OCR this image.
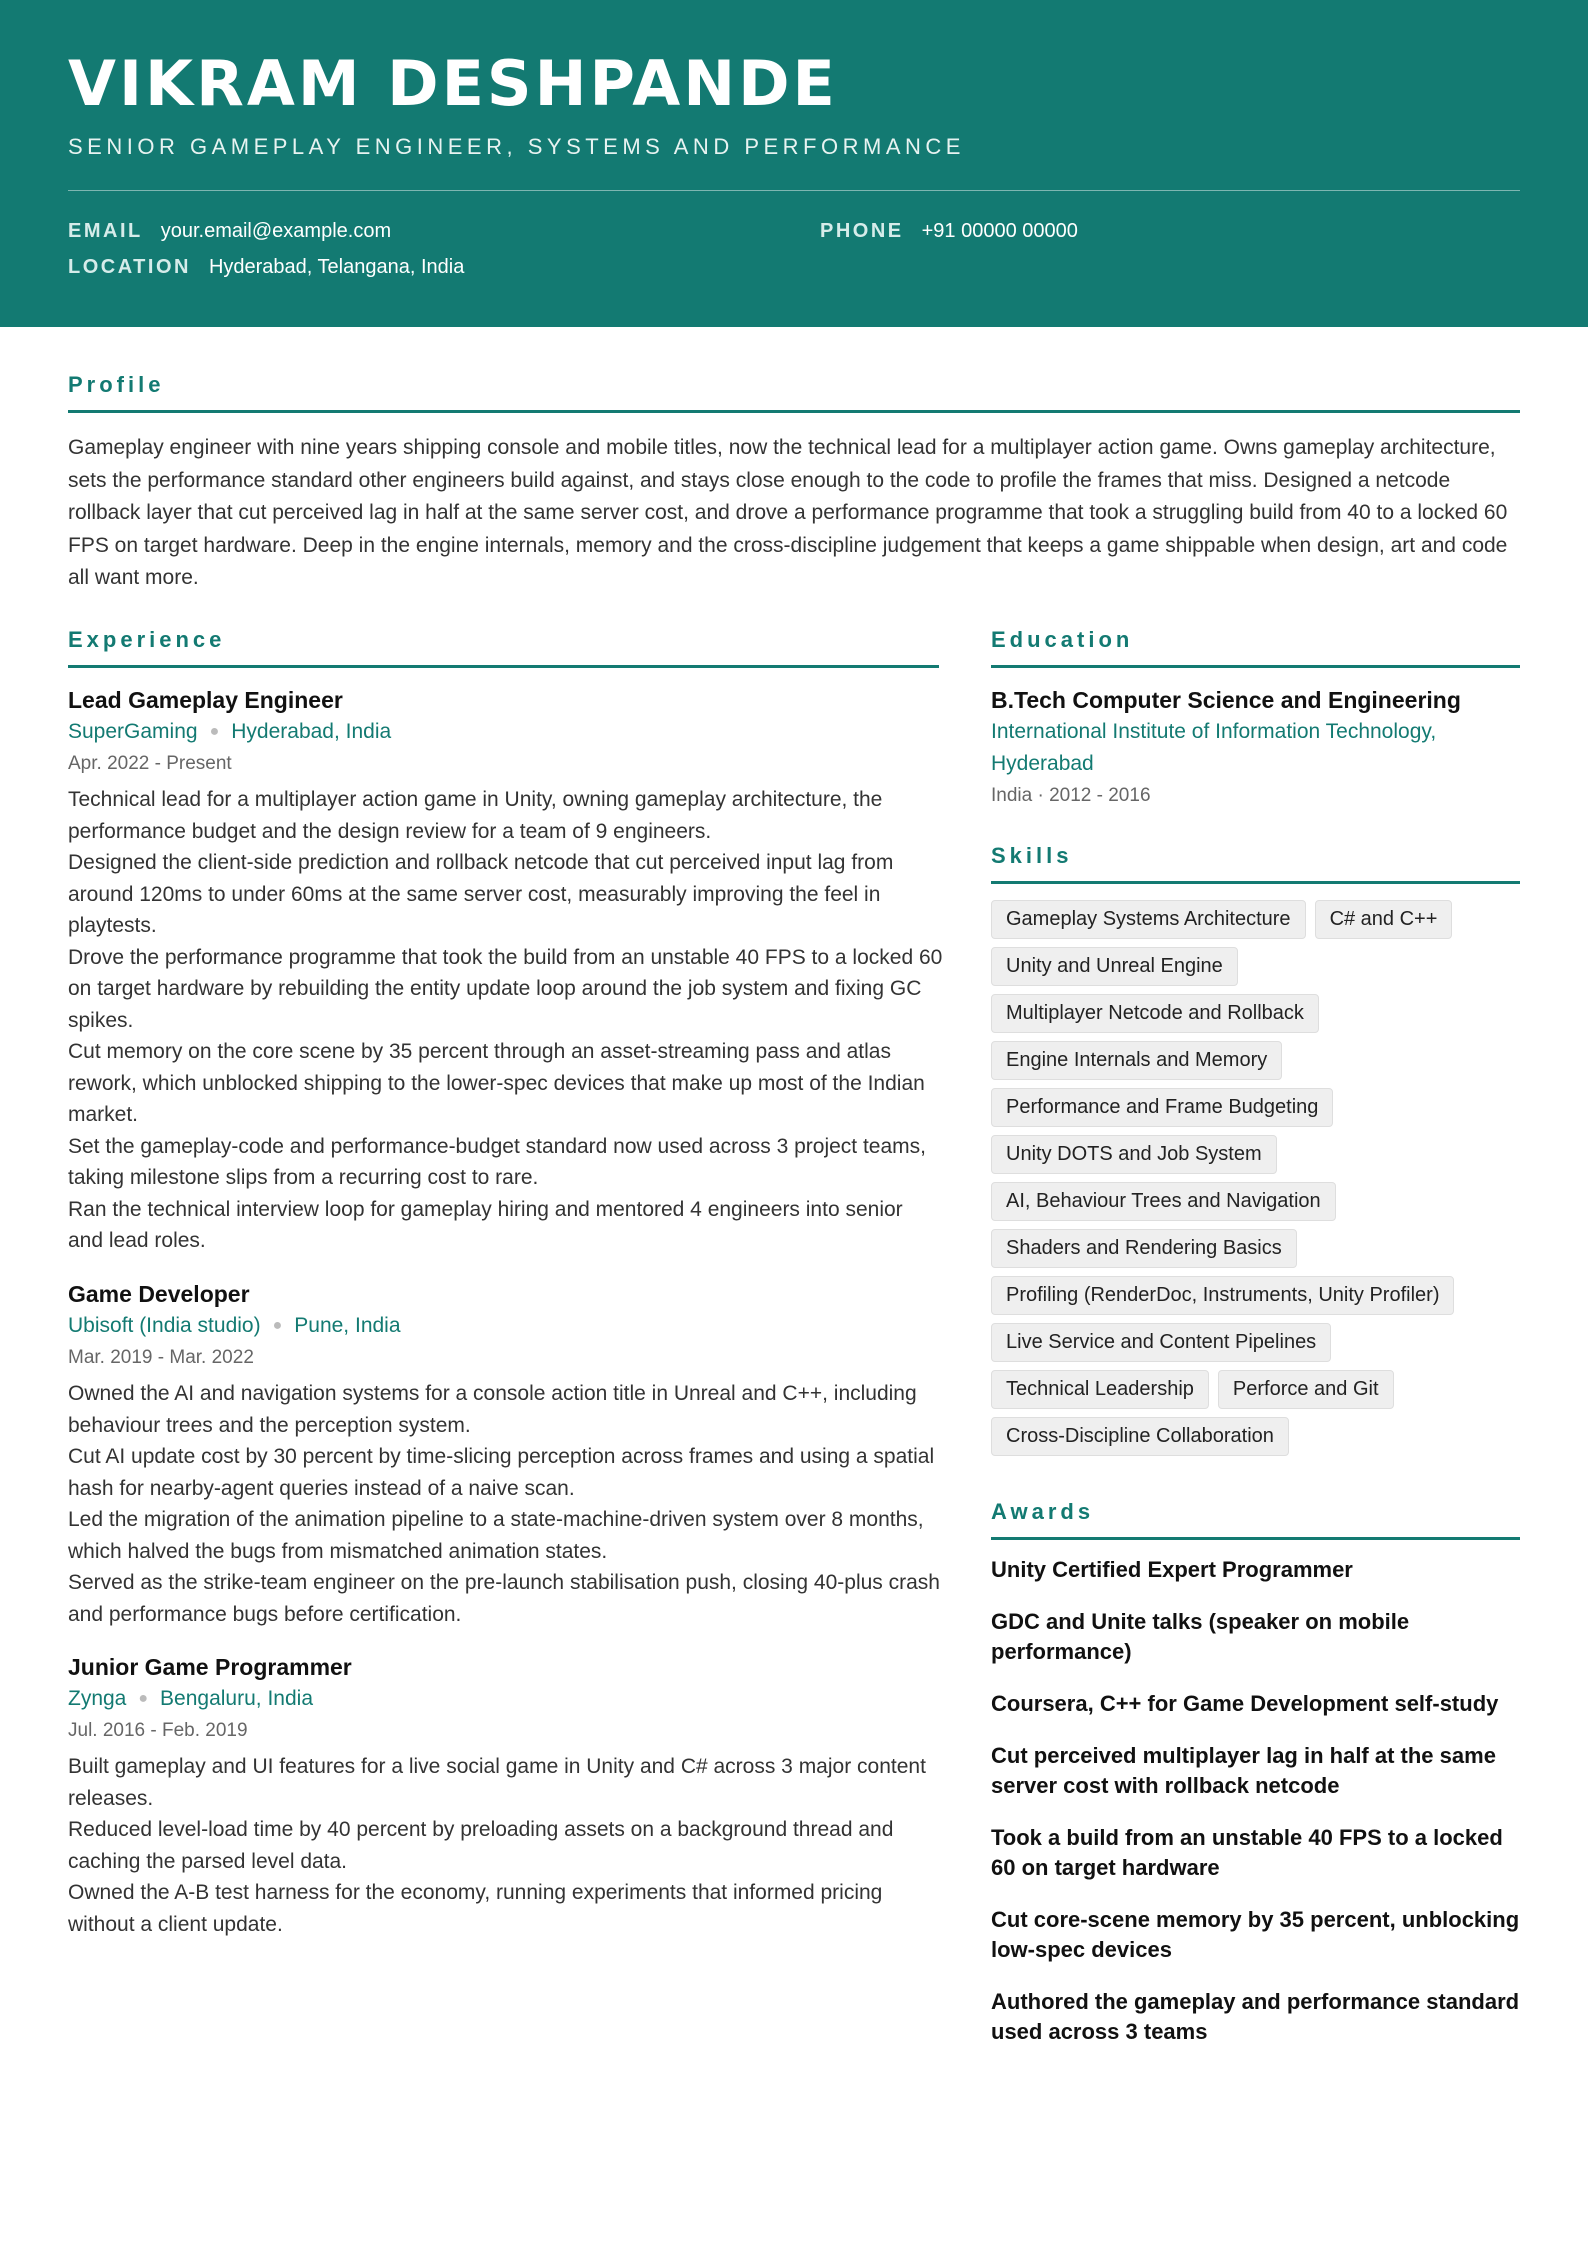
VIKRAM DESHPANDE
SENIOR GAMEPLAY ENGINEER, SYSTEMS AND PERFORMANCE
EMAIL your.email@example.com	PHONE +91 00000 00000
LOCATION Hyderabad, Telangana, India
Profile
Gameplay engineer with nine years shipping console and mobile titles, now the technical lead for a multiplayer action game. Owns gameplay architecture, sets the performance standard other engineers build against, and stays close enough to the code to profile the frames that miss. Designed a netcode rollback layer that cut perceived lag in half at the same server cost, and drove a performance programme that took a struggling build from 40 to a locked 60 FPS on target hardware. Deep in the engine internals, memory and the cross-discipline judgement that keeps a game shippable when design, art and code all want more.
Experience
Lead Gameplay Engineer
SuperGaming ● Hyderabad, India
Apr. 2022 - Present

Technical lead for a multiplayer action game in Unity, owning gameplay architecture, the performance budget and the design review for a team of 9 engineers.

Designed the client-side prediction and rollback netcode that cut perceived input lag from around 120ms to under 60ms at the same server cost, measurably improving the feel in playtests.

Drove the performance programme that took the build from an unstable 40 FPS to a locked 60 on target hardware by rebuilding the entity update loop around the job system and fixing GC spikes.

Cut memory on the core scene by 35 percent through an asset-streaming pass and atlas rework, which unblocked shipping to the lower-spec devices that make up most of the Indian market.

Set the gameplay-code and performance-budget standard now used across 3 project teams, taking milestone slips from a recurring cost to rare.

Ran the technical interview loop for gameplay hiring and mentored 4 engineers into senior and lead roles.

Game Developer
Ubisoft (India studio) ● Pune, India
Mar. 2019 - Mar. 2022

Owned the AI and navigation systems for a console action title in Unreal and C++, including behaviour trees and the perception system.

Cut AI update cost by 30 percent by time-slicing perception across frames and using a spatial hash for nearby-agent queries instead of a naive scan.

Led the migration of the animation pipeline to a state-machine-driven system over 8 months, which halved the bugs from mismatched animation states.

Served as the strike-team engineer on the pre-launch stabilisation push, closing 40-plus crash and performance bugs before certification.

Junior Game Programmer
Zynga ● Bengaluru, India
Jul. 2016 - Feb. 2019

Built gameplay and UI features for a live social game in Unity and C# across 3 major content releases.

Reduced level-load time by 40 percent by preloading assets on a background thread and caching the parsed level data.

Owned the A-B test harness for the economy, running experiments that informed pricing without a client update.

Education
B.Tech Computer Science and Engineering
International Institute of Information Technology, Hyderabad
India · 2012 - 2016
Skills
Gameplay Systems Architecture C# and C++
Unity and Unreal Engine
Multiplayer Netcode and Rollback
Engine Internals and Memory
Performance and Frame Budgeting
Unity DOTS and Job System
AI, Behaviour Trees and Navigation
Shaders and Rendering Basics
Profiling (RenderDoc, Instruments, Unity Profiler)
Live Service and Content Pipelines
Technical Leadership Perforce and Git
Cross-Discipline Collaboration
Awards
Unity Certified Expert Programmer
GDC and Unite talks (speaker on mobile performance)
Coursera, C++ for Game Development self-study
Cut perceived multiplayer lag in half at the same server cost with rollback netcode
Took a build from an unstable 40 FPS to a locked 60 on target hardware
Cut core-scene memory by 35 percent, unblocking low-spec devices
Authored the gameplay and performance standard used across 3 teams
